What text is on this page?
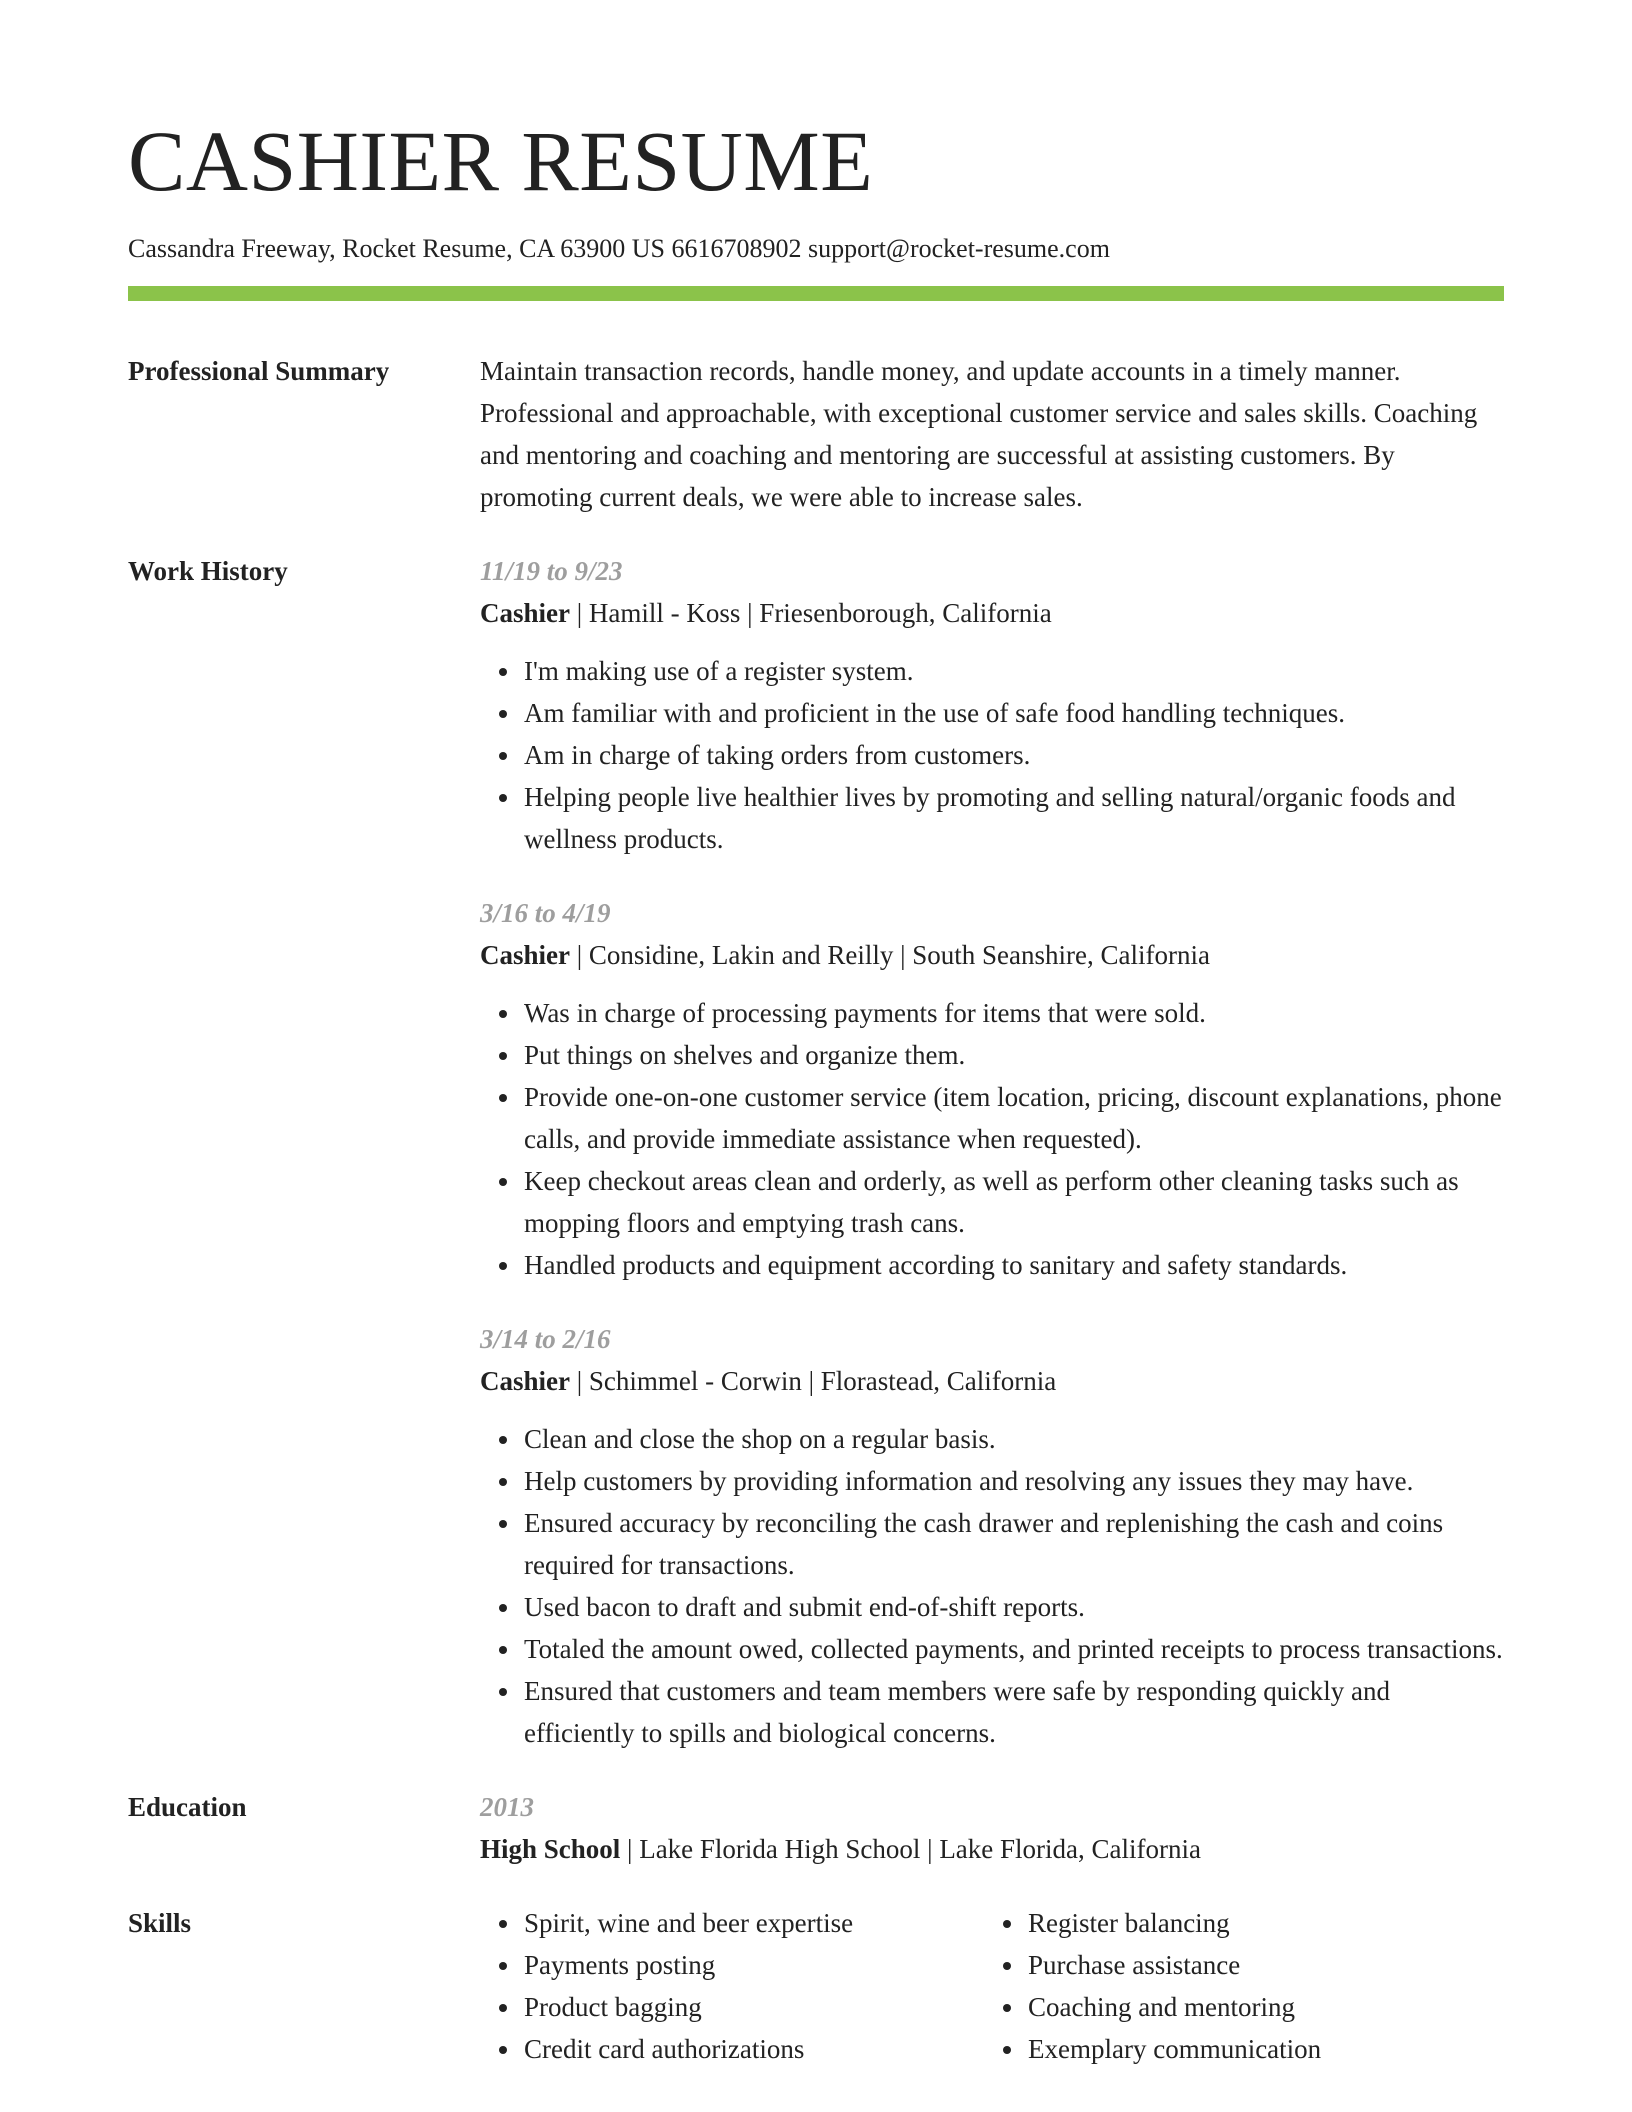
CASHIER RESUME
Cassandra Freeway, Rocket Resume, CA 63900 US 6616708902 support@rocket-resume.com
Professional Summary	Maintain transaction records, handle money, and update accounts in a timely manner. Professional and approachable, with exceptional customer service and sales skills. Coaching and mentoring and coaching and mentoring are successful at assisting customers. By promoting current deals, we were able to increase sales.

Work History	11/19 to 9/23
Cashier | Hamill - Koss | Friesenborough, California
I'm making use of a register system.
Am familiar with and proficient in the use of safe food handling techniques.
Am in charge of taking orders from customers.
Helping people live healthier lives by promoting and selling natural/organic foods and wellness products.
3/16 to 4/19
Cashier | Considine, Lakin and Reilly | South Seanshire, California
Was in charge of processing payments for items that were sold.
Put things on shelves and organize them.
Provide one-on-one customer service (item location, pricing, discount explanations, phone calls, and provide immediate assistance when requested).
Keep checkout areas clean and orderly, as well as perform other cleaning tasks such as mopping floors and emptying trash cans.
Handled products and equipment according to sanitary and safety standards.
3/14 to 2/16
Cashier | Schimmel - Corwin | Florastead, California
Clean and close the shop on a regular basis.
Help customers by providing information and resolving any issues they may have.
Ensured accuracy by reconciling the cash drawer and replenishing the cash and coins required for transactions.
Used bacon to draft and submit end-of-shift reports.
Totaled the amount owed, collected payments, and printed receipts to process transactions.
Ensured that customers and team members were safe by responding quickly and efficiently to spills and biological concerns.
Education	2013
High School | Lake Florida High School | Lake Florida, California
Skills	Spirit, wine and beer expertise
Payments posting
Product bagging
Credit card authorizations
Register balancing
Purchase assistance
Coaching and mentoring
Exemplary communication
